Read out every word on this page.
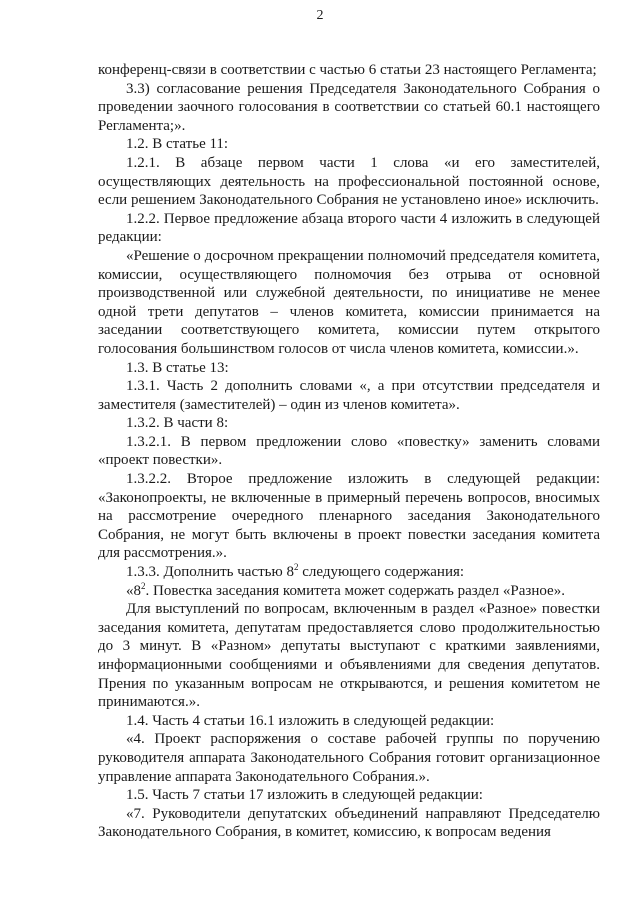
2

конференц-связи в соответствии с частью 6 статьи 23 настоящего Регламента;

3.3) согласование решения Председателя Законодательного Собрания о проведении заочного голосования в соответствии со статьей 60.1 настоящего Регламента;».

1.2. В статье 11:

1.2.1. В абзаце первом части 1 слова «и его заместителей, осуществляющих деятельность на профессиональной постоянной основе, если решением Законодательного Собрания не установлено иное» исключить.

1.2.2. Первое предложение абзаца второго части 4 изложить в следующей редакции:

«Решение о досрочном прекращении полномочий председателя комитета, комиссии, осуществляющего полномочия без отрыва от основной производственной или служебной деятельности, по инициативе не менее одной трети депутатов – членов комитета, комиссии принимается на заседании соответствующего комитета, комиссии путем открытого голосования большинством голосов от числа членов комитета, комиссии.».

1.3. В статье 13:

1.3.1. Часть 2 дополнить словами «, а при отсутствии председателя и заместителя (заместителей) – один из членов комитета».

1.3.2. В части 8:

1.3.2.1. В первом предложении слово «повестку» заменить словами «проект повестки».

1.3.2.2. Второе предложение изложить в следующей редакции: «Законопроекты, не включенные в примерный перечень вопросов, вносимых на рассмотрение очередного пленарного заседания Законодательного Собрания, не могут быть включены в проект повестки заседания комитета для рассмотрения.».

1.3.3. Дополнить частью $8^2$ следующего содержания:

«$8^2$. Повестка заседания комитета может содержать раздел «Разное».

Для выступлений по вопросам, включенным в раздел «Разное» повестки заседания комитета, депутатам предоставляется слово продолжительностью до 3 минут. В «Разном» депутаты выступают с краткими заявлениями, информационными сообщениями и объявлениями для сведения депутатов. Прения по указанным вопросам не открываются, и решения комитетом не принимаются.».

1.4. Часть 4 статьи 16.1 изложить в следующей редакции:

«4. Проект распоряжения о составе рабочей группы по поручению руководителя аппарата Законодательного Собрания готовит организационное управление аппарата Законодательного Собрания.».

1.5. Часть 7 статьи 17 изложить в следующей редакции:

«7. Руководители депутатских объединений направляют Председателю Законодательного Собрания, в комитет, комиссию, к вопросам ведения
